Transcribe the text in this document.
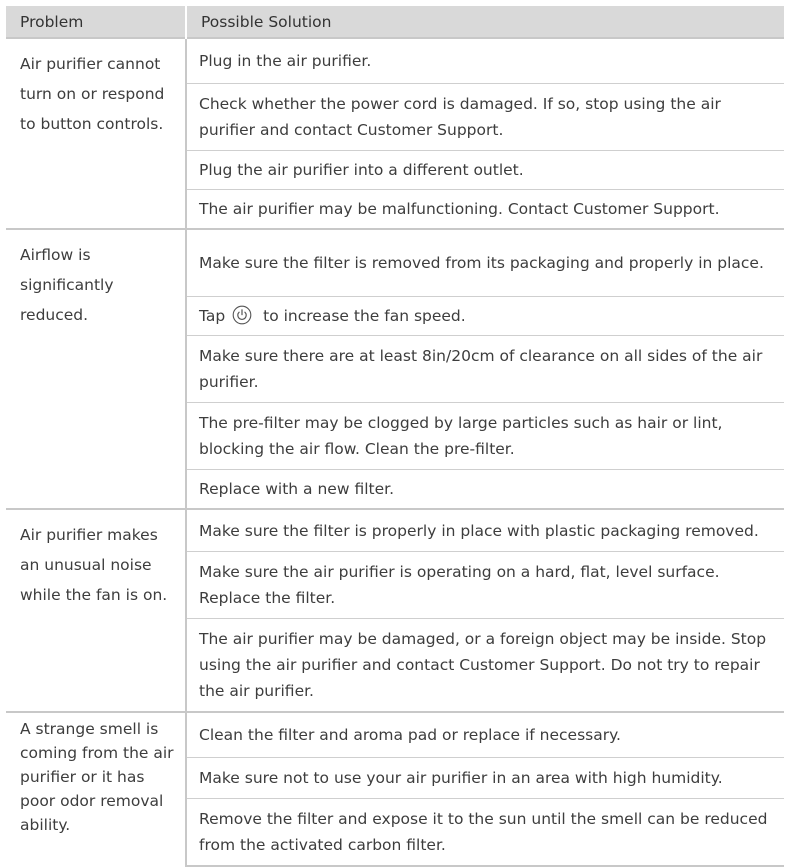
Problem	Possible Solution
Air purifier cannot turn on or respond to button controls.	Plug in the air purifier.
	Check whether the power cord is damaged. If so, stop using the air purifier and contact Customer Support.
	Plug the air purifier into a different outlet.
	The air purifier may be malfunctioning. Contact Customer Support.
Airflow is significantly reduced.	Make sure the filter is removed from its packaging and properly in place.
	Tap to increase the fan speed.
	Make sure there are at least 8in/20cm of clearance on all sides of the air purifier.
	The pre-filter may be clogged by large particles such as hair or lint, blocking the air flow. Clean the pre-filter.
	Replace with a new filter.
Air purifier makes an unusual noise while the fan is on.	Make sure the filter is properly in place with plastic packaging removed.
	Make sure the air purifier is operating on a hard, flat, level surface. Replace the filter.
	The air purifier may be damaged, or a foreign object may be inside. Stop using the air purifier and contact Customer Support. Do not try to repair the air purifier.
A strange smell is coming from the air purifier or it has poor odor removal ability.	Clean the filter and aroma pad or replace if necessary.
	Make sure not to use your air purifier in an area with high humidity.
	Remove the filter and expose it to the sun until the smell can be reduced from the activated carbon filter.
